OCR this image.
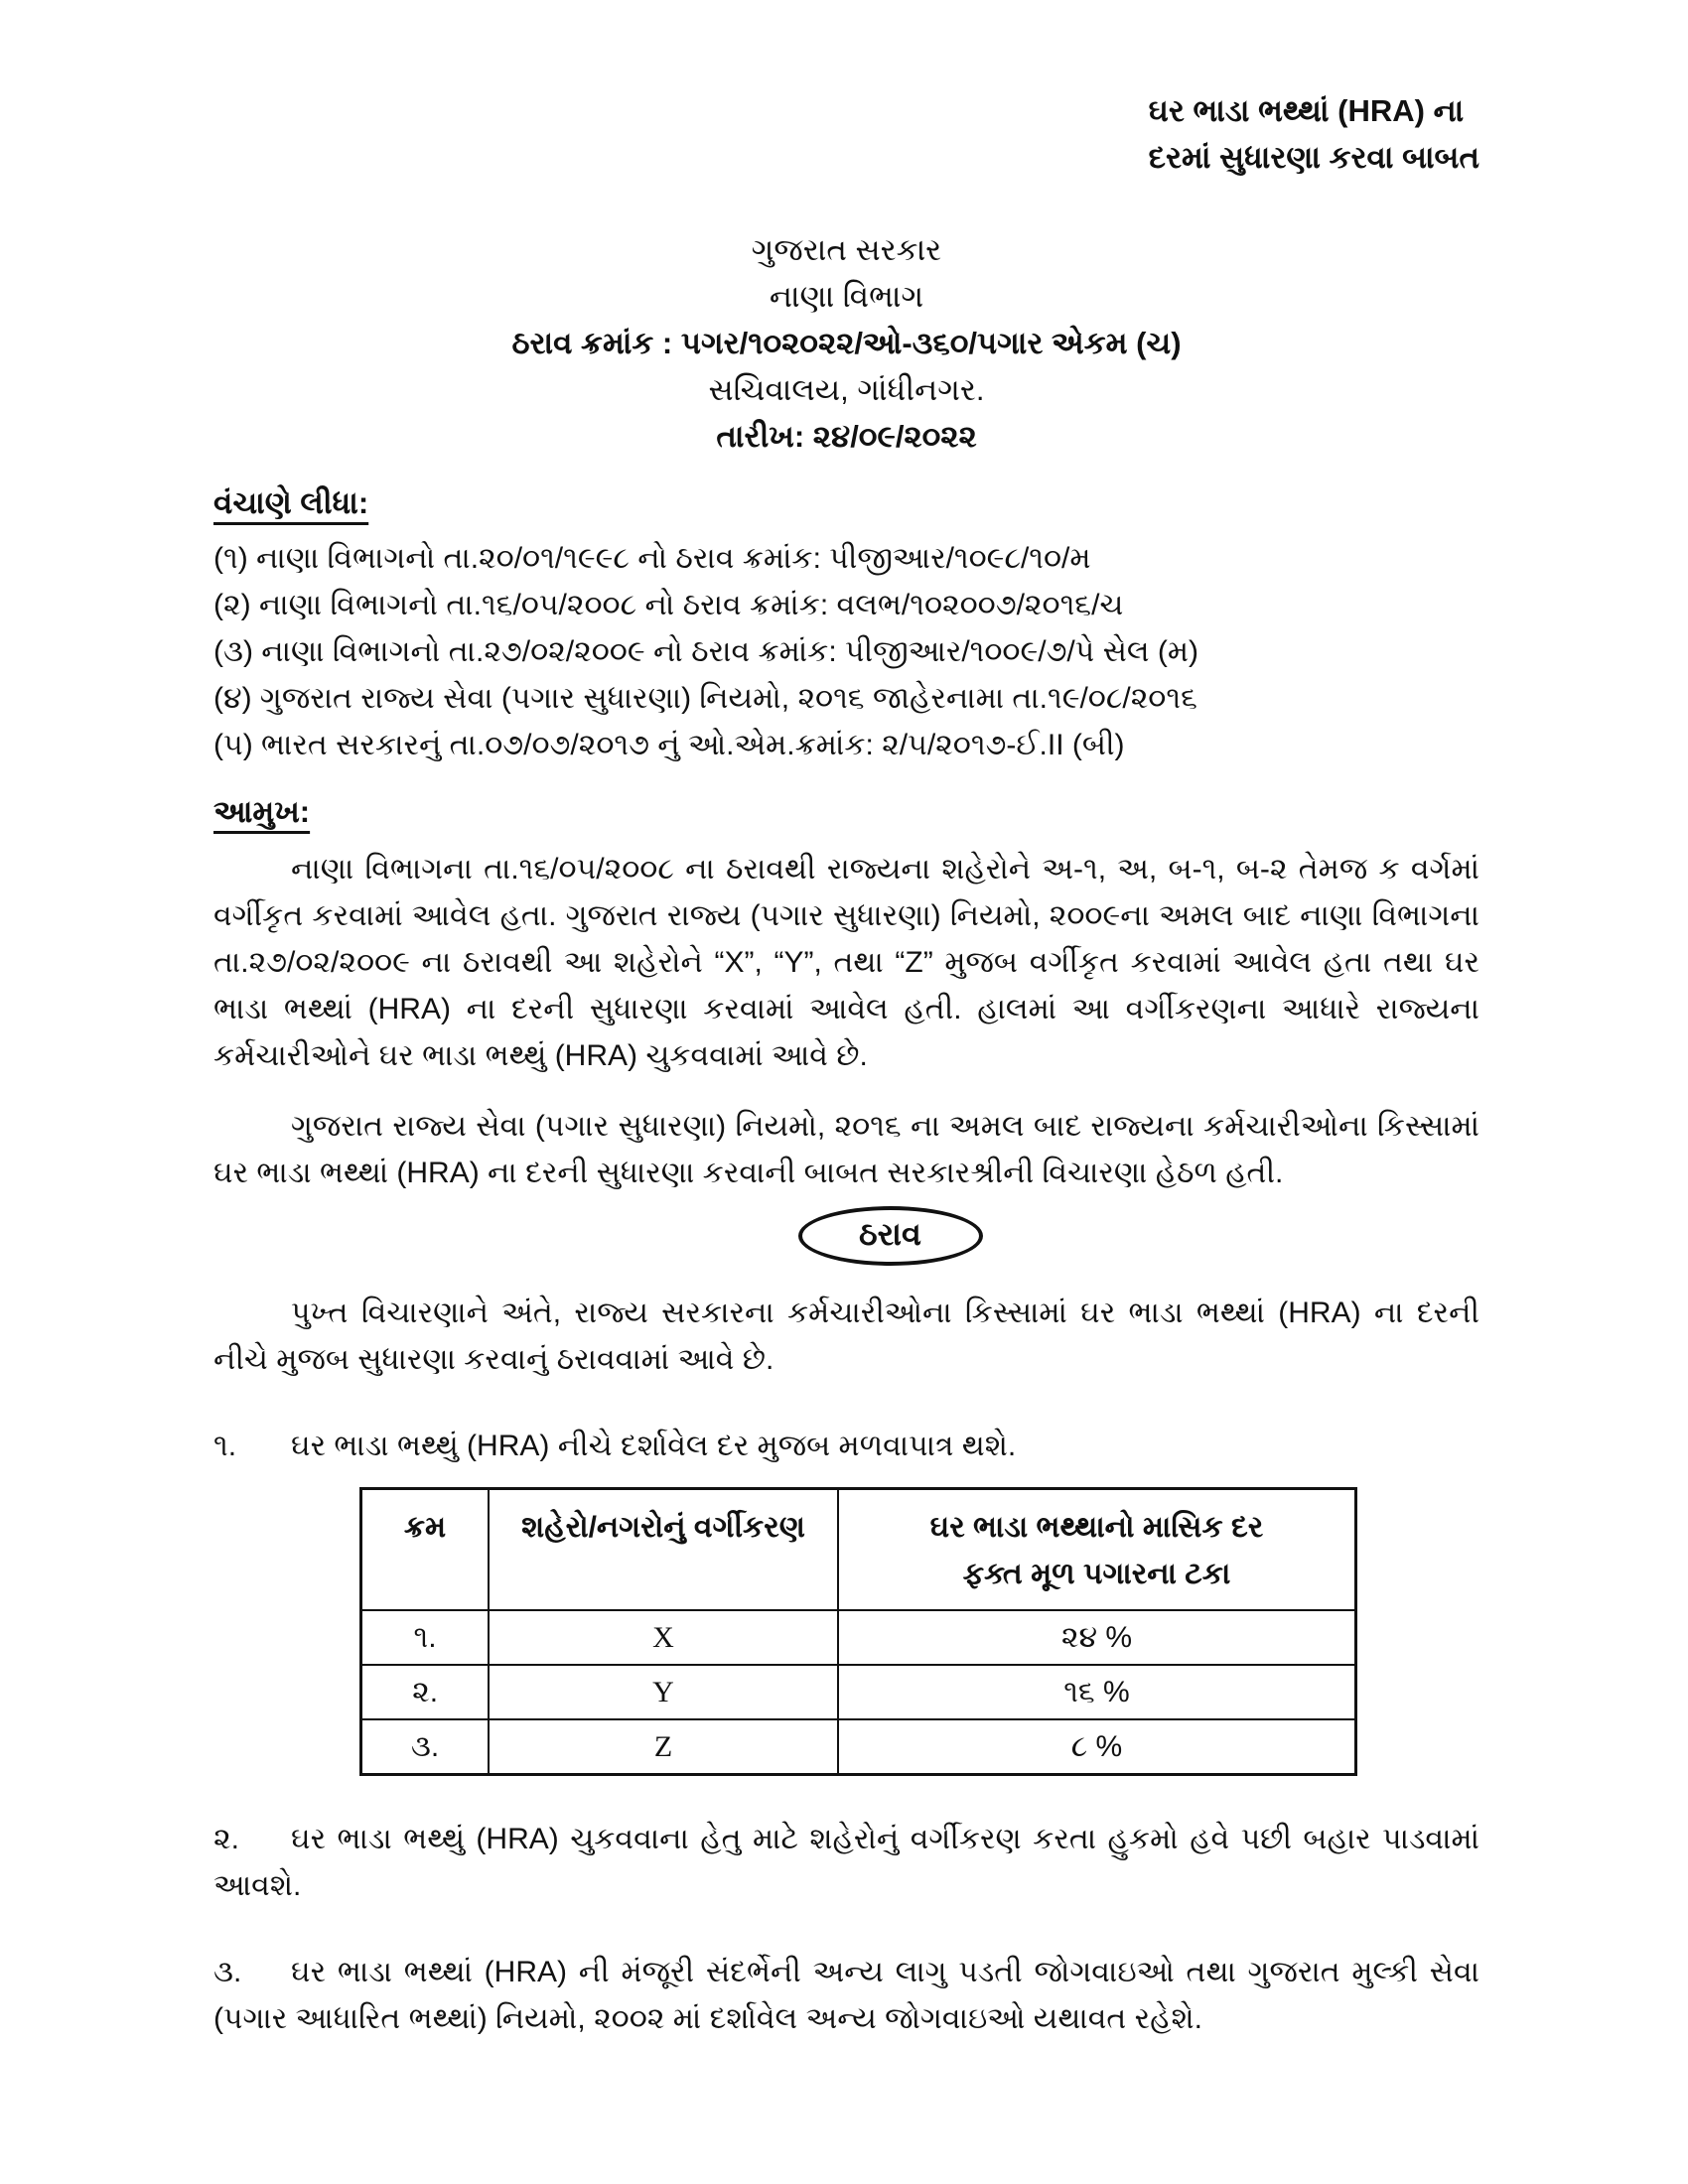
ઘર ભાડા ભથ્થાં (HRA) ના
દરમાં સુધારણા કરવા બાબત
ગુજરાત સરકાર
નાણા વિભાગ
ઠરાવ ક્રમાંક : પગર/૧૦૨૦૨૨/ઓ-૩૬૦/પગાર એકમ (ચ)
સચિવાલય, ગાંધીનગર.
તારીખ: ૨૪/૦૯/૨૦૨૨
વંચાણે લીધા:
(૧) નાણા વિભાગનો તા.૨૦/૦૧/૧૯૯૮ નો ઠરાવ ક્રમાંક: પીજીઆર/૧૦૯૮/૧૦/મ
(૨) નાણા વિભાગનો તા.૧૬/૦૫/૨૦૦૮ નો ઠરાવ ક્રમાંક: વલભ/૧૦૨૦૦૭/૨૦૧૬/ચ
(૩) નાણા વિભાગનો તા.૨૭/૦૨/૨૦૦૯ નો ઠરાવ ક્રમાંક: પીજીઆર/૧૦૦૯/૭/પે સેલ (મ)
(૪) ગુજરાત રાજ્ય સેવા (પગાર સુધારણા) નિયમો, ૨૦૧૬ જાહેરનામા તા.૧૯/૦૮/૨૦૧૬
(૫) ભારત સરકારનું તા.૦૭/૦૭/૨૦૧૭ નું ઓ.એમ.ક્રમાંક: ૨/૫/૨૦૧૭-ઈ.II (બી)
આમુખ:

નાણા વિભાગના તા.૧૬/૦૫/૨૦૦૮ ના ઠરાવથી રાજ્યના શહેરોને અ-૧, અ, બ-૧, બ-૨ તેમજ ક વર્ગમાં વર્ગીકૃત કરવામાં આવેલ હતા. ગુજરાત રાજ્ય (પગાર સુધારણા) નિયમો, ૨૦૦૯ના અમલ બાદ નાણા વિભાગના તા.૨૭/૦૨/૨૦૦૯ ના ઠરાવથી આ શહેરોને “X”, “Y”, તથા “Z” મુજબ વર્ગીકૃત કરવામાં આવેલ હતા તથા ઘર ભાડા ભથ્થાં (HRA) ના દરની સુધારણા કરવામાં આવેલ હતી. હાલમાં આ વર્ગીકરણના આધારે રાજ્યના કર્મચારીઓને ઘર ભાડા ભથ્થું (HRA) ચુકવવામાં આવે છે.

ગુજરાત રાજ્ય સેવા (પગાર સુધારણા) નિયમો, ૨૦૧૬ ના અમલ બાદ રાજ્યના કર્મચારીઓના કિસ્સામાં ઘર ભાડા ભથ્થાં (HRA) ના દરની સુધારણા કરવાની બાબત સરકારશ્રીની વિચારણા હેઠળ હતી.

ઠરાવ

પુખ્ત વિચારણાને અંતે, રાજ્ય સરકારના કર્મચારીઓના કિસ્સામાં ઘર ભાડા ભથ્થાં (HRA) ના દરની નીચે મુજબ સુધારણા કરવાનું ઠરાવવામાં આવે છે.

૧. ઘર ભાડા ભથ્થું (HRA) નીચે દર્શાવેલ દર મુજબ મળવાપાત્ર થશે.
ક્રમ	શહેરો/નગરોનું વર્ગીકરણ	ઘર ભાડા ભથ્થાનો માસિક દર
ફક્ત મૂળ પગારના ટકા

૧.	X	૨૪ %
૨.	Y	૧૬ %
૩.	Z	૮ %
૨. ઘર ભાડા ભથ્થું (HRA) ચુકવવાના હેતુ માટે શહેરોનું વર્ગીકરણ કરતા હુકમો હવે પછી બહાર પાડવામાં આવશે.
૩. ઘર ભાડા ભથ્થાં (HRA) ની મંજૂરી સંદર્ભેની અન્ય લાગુ પડતી જોગવાઇઓ તથા ગુજરાત મુલ્કી સેવા (પગાર આધારિત ભથ્થાં) નિયમો, ૨૦૦૨ માં દર્શાવેલ અન્ય જોગવાઇઓ યથાવત રહેશે.
